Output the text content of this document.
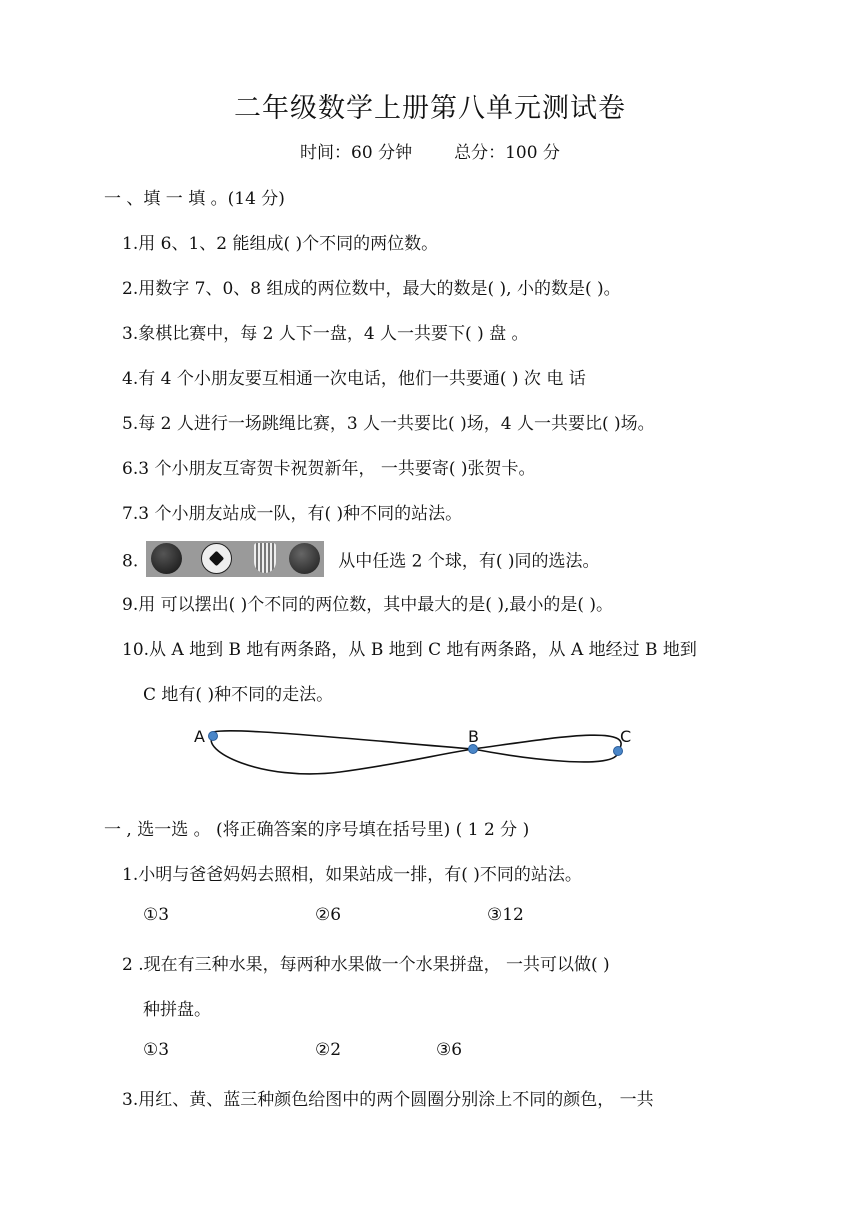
二年级数学上册第八单元测试卷
时间：60 分钟 总分：100 分
一 、填 一 填 。(14 分)
1.用 6、1、2 能组成( )个不同的两位数。
2.用数字 7、0、8 组成的两位数中，最大的数是( ), 小的数是( )。
3.象棋比赛中，每 2 人下一盘，4 人一共要下( ) 盘 。
4.有 4 个小朋友要互相通一次电话，他们一共要通( ) 次 电 话
5.每 2 人进行一场跳绳比赛，3 人一共要比( )场，4 人一共要比( )场。
6.3 个小朋友互寄贺卡祝贺新年， 一共要寄( )张贺卡。
7.3 个小朋友站成一队，有( )种不同的站法。
8.	从中任选 2 个球，有( )同的选法。
9.用 可以摆出( )个不同的两位数，其中最大的是( ),最小的是( )。
10.从 A 地到 B 地有两条路，从 B 地到 C 地有两条路，从 A 地经过 B 地到
C 地有( )种不同的走法。
A	B	C
一 , 选一选 。 (将正确答案的序号填在括号里) ( 1 2 分 )
1.小明与爸爸妈妈去照相，如果站成一排，有( )不同的站法。
①3	②6	③12
2 .现在有三种水果，每两种水果做一个水果拼盘， 一共可以做( )
种拼盘。
①3	②2	③6
3.用红、黄、蓝三种颜色给图中的两个圆圈分别涂上不同的颜色， 一共
